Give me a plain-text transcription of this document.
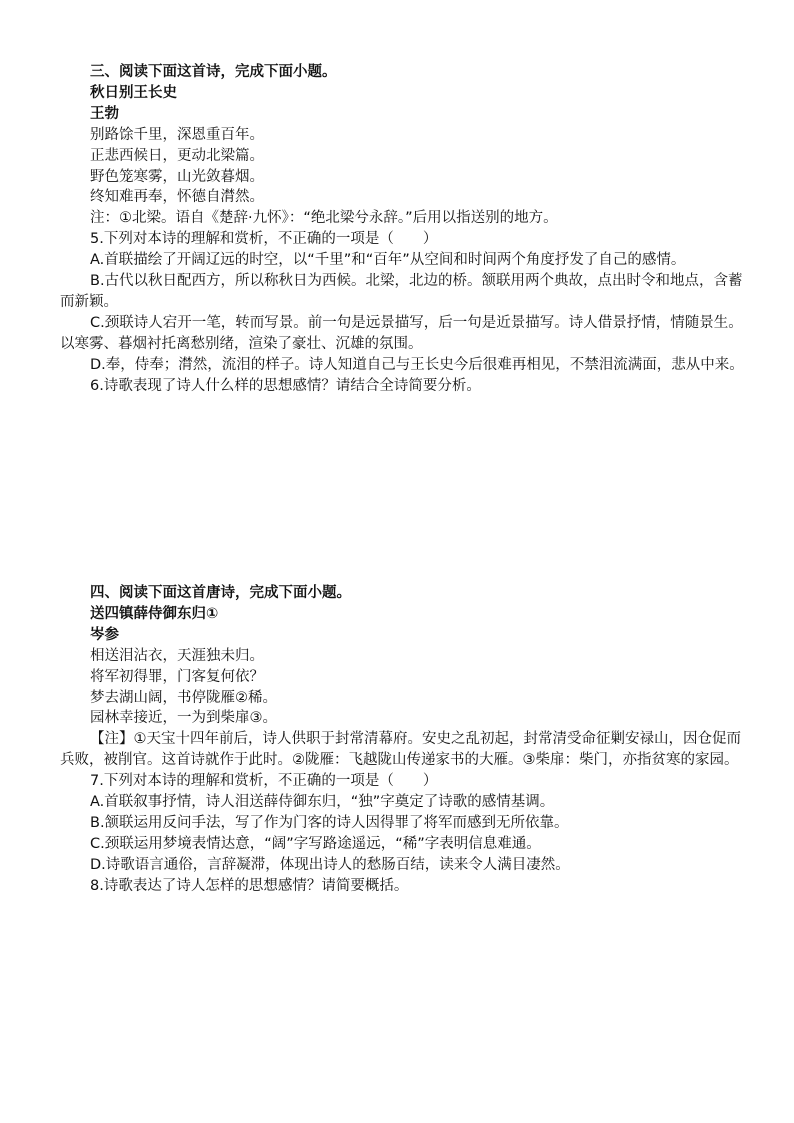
三、阅读下面这首诗，完成下面小题。

秋日别王长史

王勃

别路馀千里，深恩重百年。

正悲西候日，更动北梁篇。

野色笼寒雾，山光敛暮烟。

终知难再奉，怀德自潸然。

注：①北梁。语自《楚辞·九怀》：“绝北梁兮永辞。”后用以指送别的地方。

5.下列对本诗的理解和赏析，不正确的一项是（　　）

A.首联描绘了开阔辽远的时空，以“千里”和“百年”从空间和时间两个角度抒发了自己的感情。

B.古代以秋日配西方，所以称秋日为西候。北梁，北边的桥。颔联用两个典故，点出时令和地点，含蓄而新颖。

C.颈联诗人宕开一笔，转而写景。前一句是远景描写，后一句是近景描写。诗人借景抒情，情随景生。以寒雾、暮烟衬托离愁别绪，渲染了豪壮、沉雄的氛围。

D.奉，侍奉；潸然，流泪的样子。诗人知道自己与王长史今后很难再相见，不禁泪流满面，悲从中来。

6.诗歌表现了诗人什么样的思想感情？请结合全诗简要分析。

四、阅读下面这首唐诗，完成下面小题。

送四镇薛侍御东归①

岑参

相送泪沾衣，天涯独未归。

将军初得罪，门客复何依？

梦去湖山阔，书停陇雁②稀。

园林幸接近，一为到柴扉③。

【注】①天宝十四年前后，诗人供职于封常清幕府。安史之乱初起，封常清受命征剿安禄山，因仓促而兵败，被削官。这首诗就作于此时。②陇雁：飞越陇山传递家书的大雁。③柴扉：柴门，亦指贫寒的家园。

7.下列对本诗的理解和赏析，不正确的一项是（　　）

A.首联叙事抒情，诗人泪送薛侍御东归，“独”字奠定了诗歌的感情基调。

B.颔联运用反问手法，写了作为门客的诗人因得罪了将军而感到无所依靠。

C.颈联运用梦境表情达意，“阔”字写路途遥远，“稀”字表明信息难通。

D.诗歌语言通俗，言辞凝滞，体现出诗人的愁肠百结，读来令人满目凄然。

8.诗歌表达了诗人怎样的思想感情？请简要概括。
